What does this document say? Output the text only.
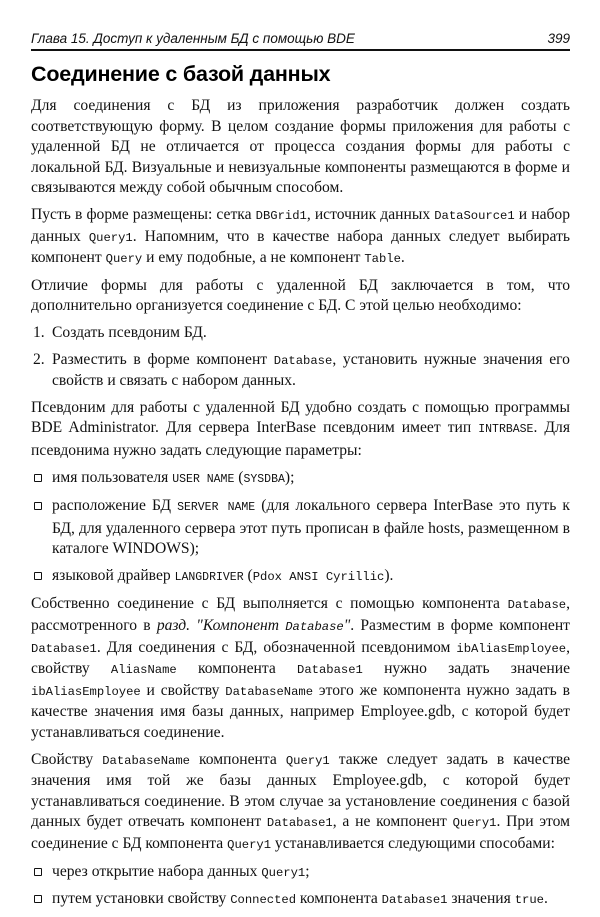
Глава 15. Доступ к удаленным БД с помощью BDE	399
Соединение с базой данных

Для соединения с БД из приложения разработчик должен создать соответствующую форму. В целом создание формы приложения для работы с удаленной БД не отличается от процесса создания формы для работы с локальной БД. Визуальные и невизуальные компоненты размещаются в форме и связываются между собой обычным способом.

Пусть в форме размещены: сетка DBGrid1, источник данных DataSource1 и набор данных Query1. Напомним, что в качестве набора данных следует выбирать компонент Query и ему подобные, а не компонент Table.

Отличие формы для работы с удаленной БД заключается в том, что дополнительно организуется соединение с БД. С этой целью необходимо:

1. Создать псевдоним БД.
2. Разместить в форме компонент Database, установить нужные значения его свойств и связать с набором данных.

Псевдоним для работы с удаленной БД удобно создать с помощью программы BDE Administrator. Для сервера InterBase псевдоним имеет тип INTRBASE. Для псевдонима нужно задать следующие параметры:

имя пользователя USER NAME (SYSDBA);
расположение БД SERVER NAME (для локального сервера InterBase это путь к БД, для удаленного сервера этот путь прописан в файле hosts, размещенном в каталоге WINDOWS);
языковой драйвер LANGDRIVER (Pdox ANSI Cyrillic).

Собственно соединение с БД выполняется с помощью компонента Database, рассмотренного в разд. "Компонент Database". Разместим в форме компонент Database1. Для соединения с БД, обозначенной псевдонимом ibAliasEmployee, свойству AliasName компонента Database1 нужно задать значение ibAliasEmployee и свойству DatabaseName этого же компонента нужно задать в качестве значения имя базы данных, например Employee.gdb, с которой будет устанавливаться соединение.

Свойству DatabaseName компонента Query1 также следует задать в качестве значения имя той же базы данных Employee.gdb, с которой будет устанавливаться соединение. В этом случае за установление соединения с базой данных будет отвечать компонент Database1, а не компонент Query1. При этом соединение с БД компонента Query1 устанавливается следующими способами:

через открытие набора данных Query1;
путем установки свойству Connected компонента Database1 значения true.
